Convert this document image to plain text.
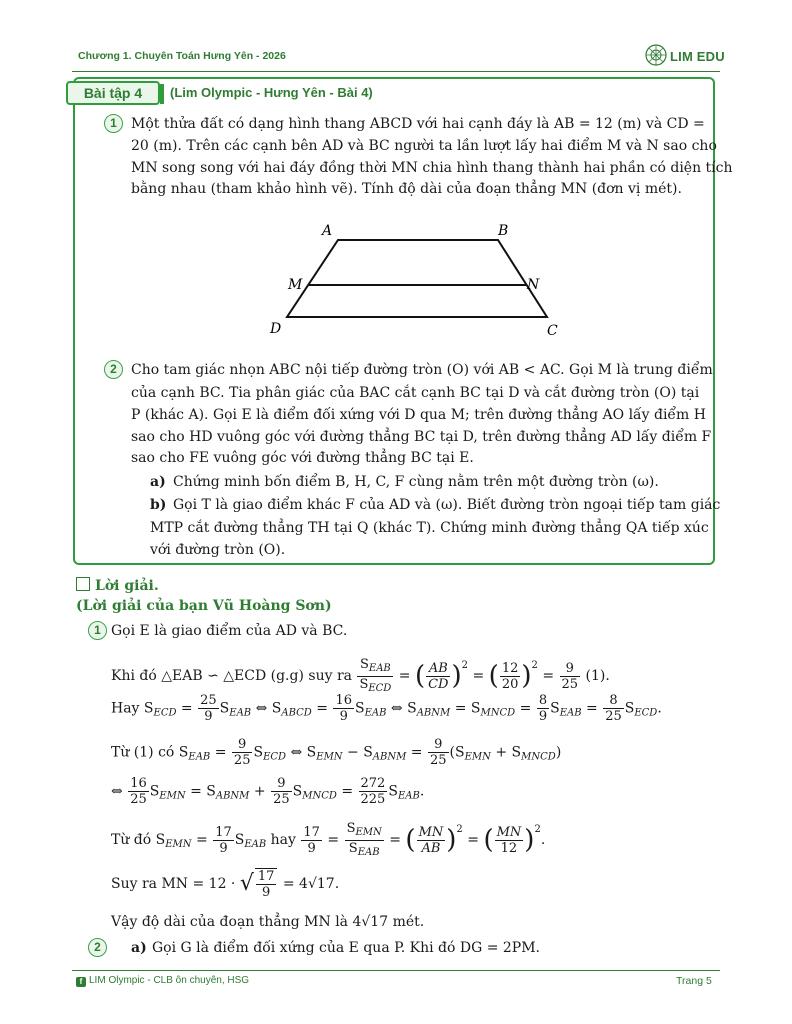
Chương 1. Chuyên Toán Hưng Yên - 2026	LIM EDU
Bài tập 4	(Lim Olympic - Hưng Yên - Bài 4)
1	Một thửa đất có dạng hình thang ABCD với hai cạnh đáy là AB = 12 (m) và CD =
20 (m). Trên các cạnh bên AD và BC người ta lần lượt lấy hai điểm M và N sao cho
MN song song với hai đáy đồng thời MN chia hình thang thành hai phần có diện tích
bằng nhau (tham khảo hình vẽ). Tính độ dài của đoạn thẳng MN (đơn vị mét).
A	B
C
D
M	N
2	Cho tam giác nhọn ABC nội tiếp đường tròn (O) với AB < AC. Gọi M là trung điểm
của cạnh BC. Tia phân giác của BAC cắt cạnh BC tại D và cắt đường tròn (O) tại
P (khác A). Gọi E là điểm đối xứng với D qua M; trên đường thẳng AO lấy điểm H
sao cho HD vuông góc với đường thẳng BC tại D, trên đường thẳng AD lấy điểm F
sao cho FE vuông góc với đường thẳng BC tại E.
a) Chứng minh bốn điểm B, H, C, F cùng nằm trên một đường tròn (ω).
b) Gọi T là giao điểm khác F của AD và (ω). Biết đường tròn ngoại tiếp tam giác
MTP cắt đường thẳng TH tại Q (khác T). Chứng minh đường thẳng QA tiếp xúc
với đường tròn (O).
Lời giải.
(Lời giải của bạn Vũ Hoàng Sơn)
1 Gọi E là giao điểm của AD và BC.
Khi đó △EAB ∽ △ECD (g.g) suy ra $\frac{S_{EAB}}{S_{ECD}}$ = ( $\frac{AB}{CD} )^2$ = ( $\frac{12}{20} )^2 = \frac{9}{25} (1)$.
Hay $S_{ECD} = \frac{25}{9} S_{EAB}$ ⇔ $S_{ABCD} = \frac{16}{9} S_{EAB}$ ⇔ $S_{ABNM} = S_{MNCD} = \frac{8}{9} S_{EAB} = \frac{8}{25} S_{ECD}$.
Từ (1) có $S_{EAB} = \frac{9}{25} S_{ECD}$ ⇔ $S_{EMN} - S_{ABNM} = \frac{9}{25} (S_{EMN} + S_{MNCD})$
⇔ $\frac{16}{25} S_{EMN} = S_{ABNM} + \frac{9}{25} S_{MNCD} = \frac{272}{225} S_{EAB}$.
Từ đó $S_{EMN} = \frac{17}{9} S_{EAB}$ hay $\frac{17}{9} = \frac{S_{EMN}}{S_{EAB}}$ = ( $\frac{MN}{AB} )^2$ = ( $\frac{MN}{12} )^2$.
Suy ra MN = 12 · √ $\frac{17}{9} = 4√17$.
Vậy độ dài của đoạn thẳng MN là 4√17 mét.
2	a) Gọi G là điểm đối xứng của E qua P. Khi đó DG = 2PM.
f LIM Olympic - CLB ôn chuyên, HSG	Trang 5
